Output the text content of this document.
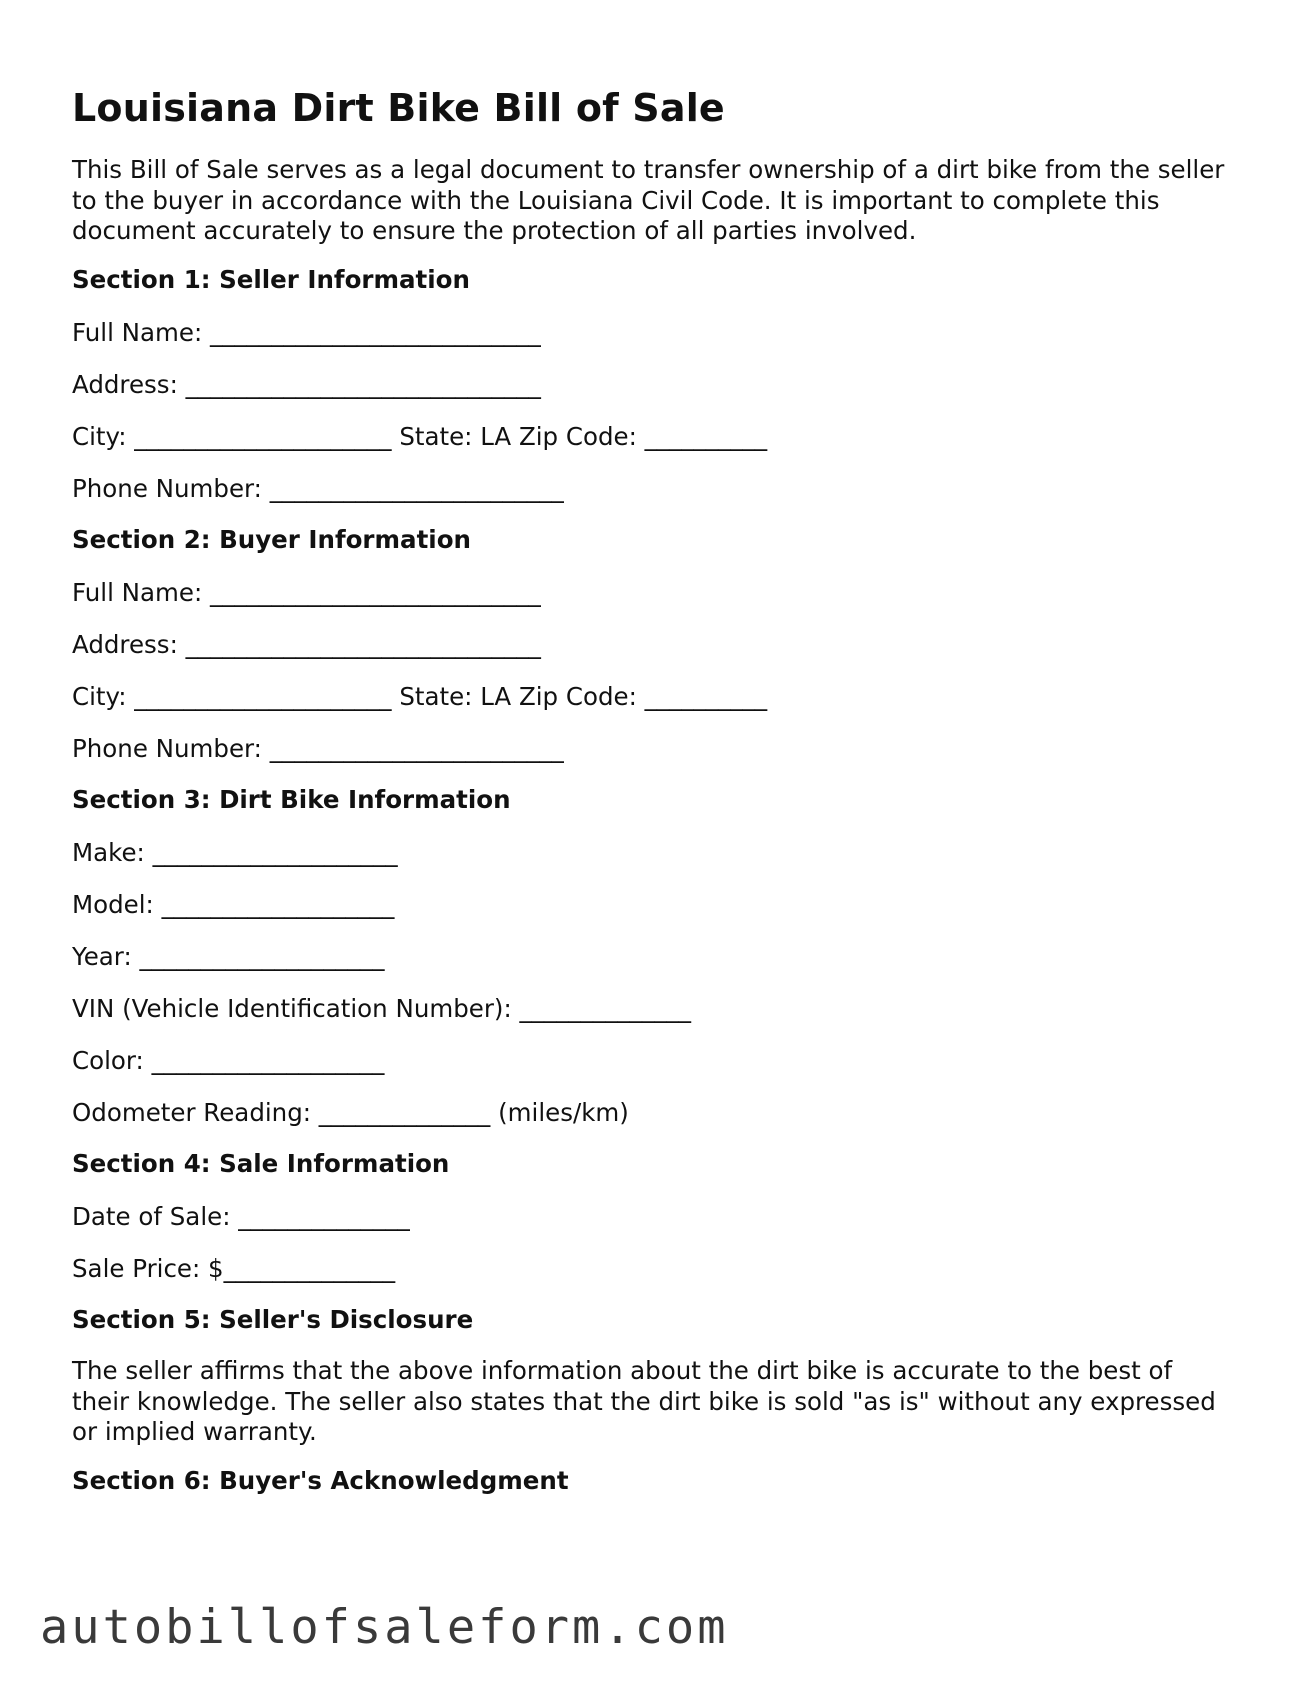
Louisiana Dirt Bike Bill of Sale

This Bill of Sale serves as a legal document to transfer ownership of a dirt bike from the seller to the buyer in accordance with the Louisiana Civil Code. It is important to complete this document accurately to ensure the protection of all parties involved.

Section 1: Seller Information
Full Name: ___________________________
Address: _____________________________
City: _____________________ State: LA Zip Code: __________
Phone Number: ________________________
Section 2: Buyer Information
Full Name: ___________________________
Address: _____________________________
City: _____________________ State: LA Zip Code: __________
Phone Number: ________________________
Section 3: Dirt Bike Information
Make: ____________________
Model: ___________________
Year: ____________________
VIN (Vehicle Identification Number): ______________
Color: ___________________
Odometer Reading: ______________ (miles/km)
Section 4: Sale Information
Date of Sale: ______________
Sale Price: $______________
Section 5: Seller's Disclosure

The seller affirms that the above information about the dirt bike is accurate to the best of their knowledge. The seller also states that the dirt bike is sold "as is" without any expressed or implied warranty.

Section 6: Buyer's Acknowledgment
autobillofsaleform.com
